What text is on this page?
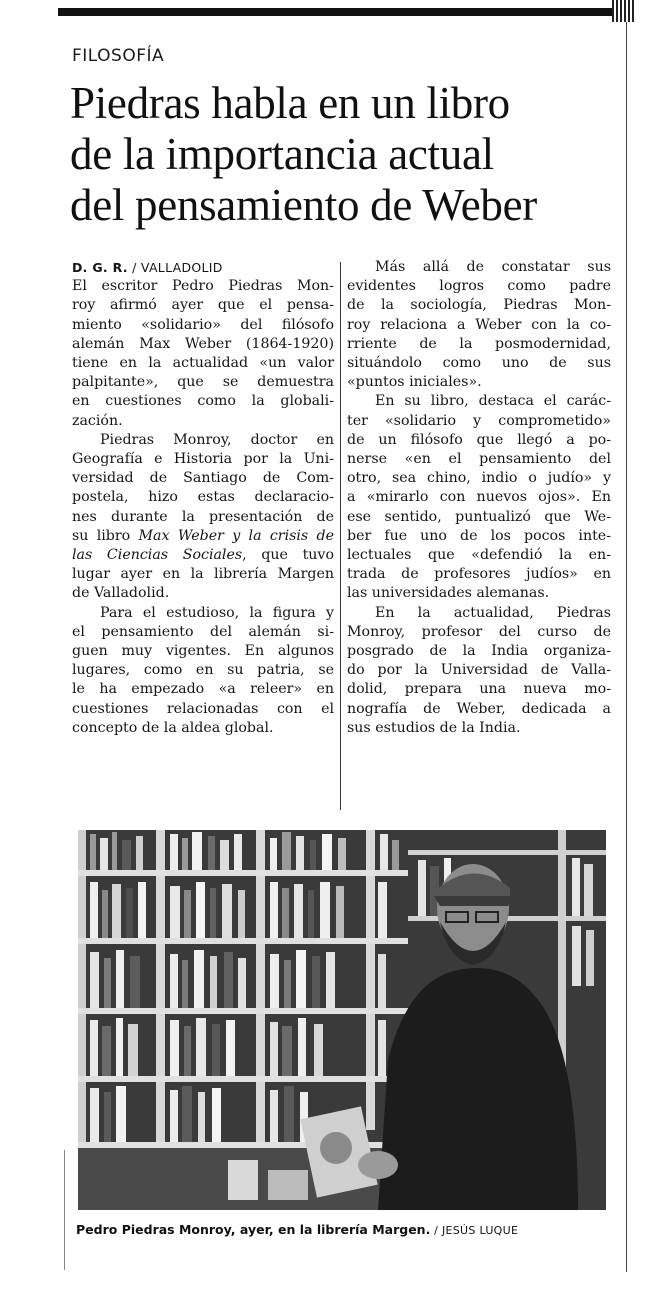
FILOSOFÍA
Piedras habla en un libro
de la importancia actual
del pensamiento de Weber
D. G. R. / VALLADOLID
El escritor Pedro Piedras Mon-
roy afirmó ayer que el pensa-
miento «solidario» del filósofo
alemán Max Weber (1864-1920)
tiene en la actualidad «un valor
palpitante», que se demuestra
en cuestiones como la globali-
zación.
Piedras Monroy, doctor en
Geografía e Historia por la Uni-
versidad de Santiago de Com-
postela, hizo estas declaracio-
nes durante la presentación de
su libro Max Weber y la crisis de
las Ciencias Sociales, que tuvo
lugar ayer en la librería Margen
de Valladolid.
Para el estudioso, la figura y
el pensamiento del alemán si-
guen muy vigentes. En algunos
lugares, como en su patria, se
le ha empezado «a releer» en
cuestiones relacionadas con el
concepto de la aldea global.
Más allá de constatar sus
evidentes logros como padre
de la sociología, Piedras Mon-
roy relaciona a Weber con la co-
rriente de la posmodernidad,
situándolo como uno de sus
«puntos iniciales».
En su libro, destaca el carác-
ter «solidario y comprometido»
de un filósofo que llegó a po-
nerse «en el pensamiento del
otro, sea chino, indio o judío» y
a «mirarlo con nuevos ojos». En
ese sentido, puntualizó que We-
ber fue uno de los pocos inte-
lectuales que «defendió la en-
trada de profesores judíos» en
las universidades alemanas.
En la actualidad, Piedras
Monroy, profesor del curso de
posgrado de la India organiza-
do por la Universidad de Valla-
dolid, prepara una nueva mo-
nografía de Weber, dedicada a
sus estudios de la India.
Pedro Piedras Monroy, ayer, en la librería Margen. / JESÚS LUQUE
